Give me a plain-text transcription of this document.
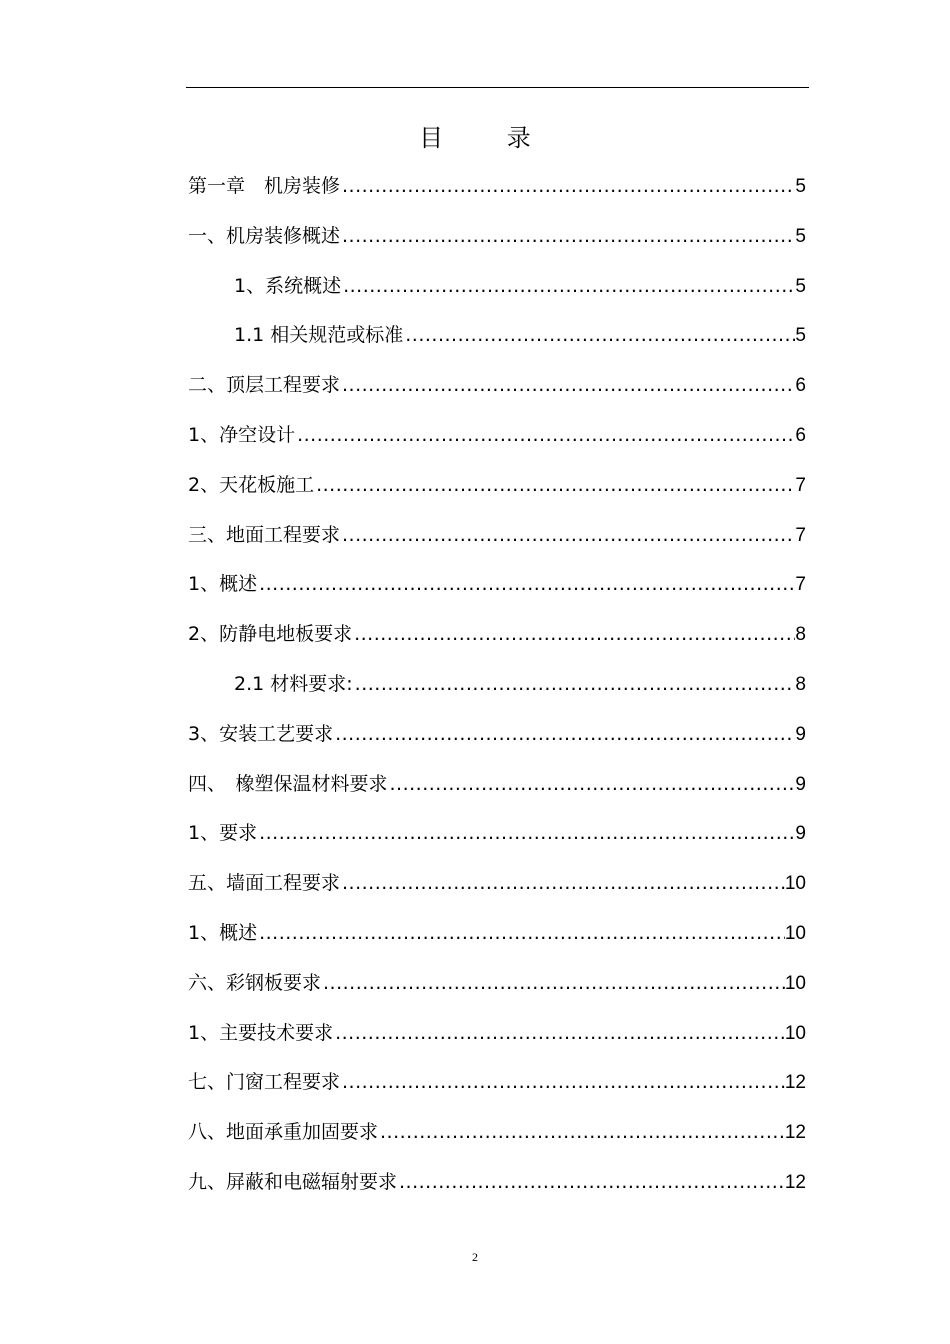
目 录
第一章　机房装修 .....	5
一、机房装修概述 .....	5
1、系统概述 .....	5
1.1 相关规范或标准 .....	5
二、顶层工程要求 .....	6
1、净空设计 .....	6
2、天花板施工 .....	7
三、地面工程要求 .....	7
1、概述 .....	7
2、防静电地板要求 .....	8
2.1 材料要求: .....	8
3、安装工艺要求 .....	9
四、　橡塑保温材料要求 .....	9
1、要求 .....	9
五、墙面工程要求 .....	10
1、概述 .....	10
六、彩钢板要求 .....	10
1、主要技术要求 .....	10
七、门窗工程要求 .....	12
八、地面承重加固要求 .....	12
九、屏蔽和电磁辐射要求 .....	12
2
